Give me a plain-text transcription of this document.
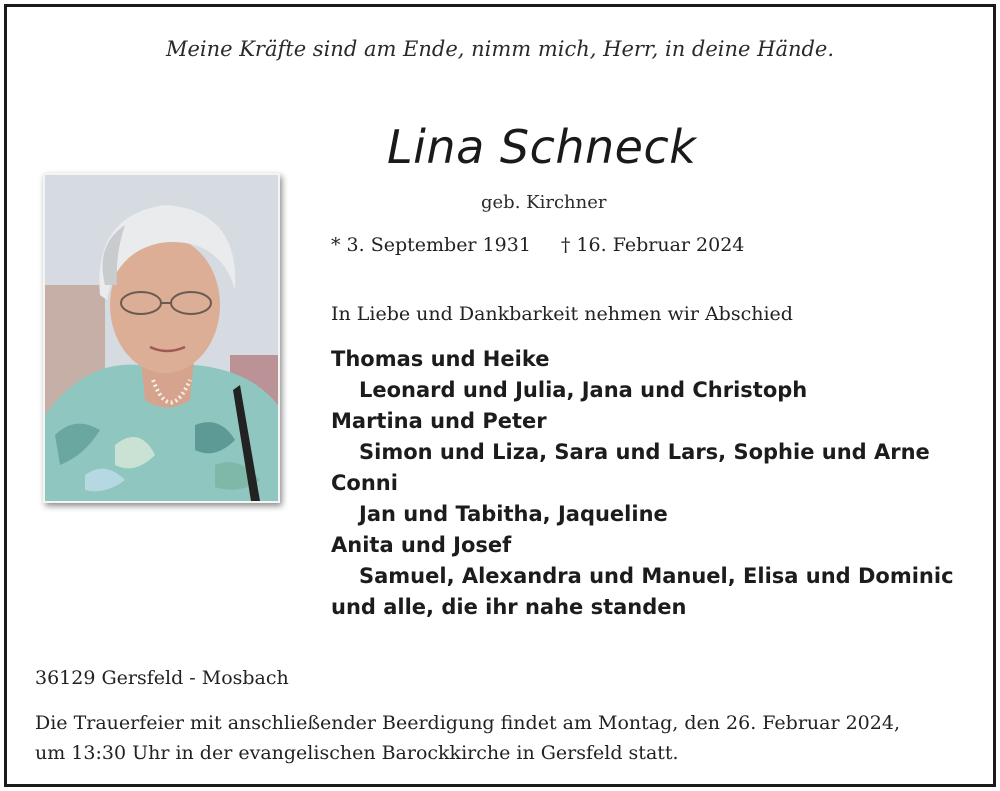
Meine Kräfte sind am Ende, nimm mich, Herr, in deine Hände.
Lina Schneck
geb. Kirchner
* 3. September 1931 † 16. Februar 2024
In Liebe und Dankbarkeit nehmen wir Abschied
Thomas und Heike
Leonard und Julia, Jana und Christoph
Martina und Peter
Simon und Liza, Sara und Lars, Sophie und Arne
Conni
Jan und Tabitha, Jaqueline
Anita und Josef
Samuel, Alexandra und Manuel, Elisa und Dominic
und alle, die ihr nahe standen
36129 Gersfeld - Mosbach
Die Trauerfeier mit anschließender Beerdigung findet am Montag, den 26. Februar 2024,
um 13:30 Uhr in der evangelischen Barockkirche in Gersfeld statt.
